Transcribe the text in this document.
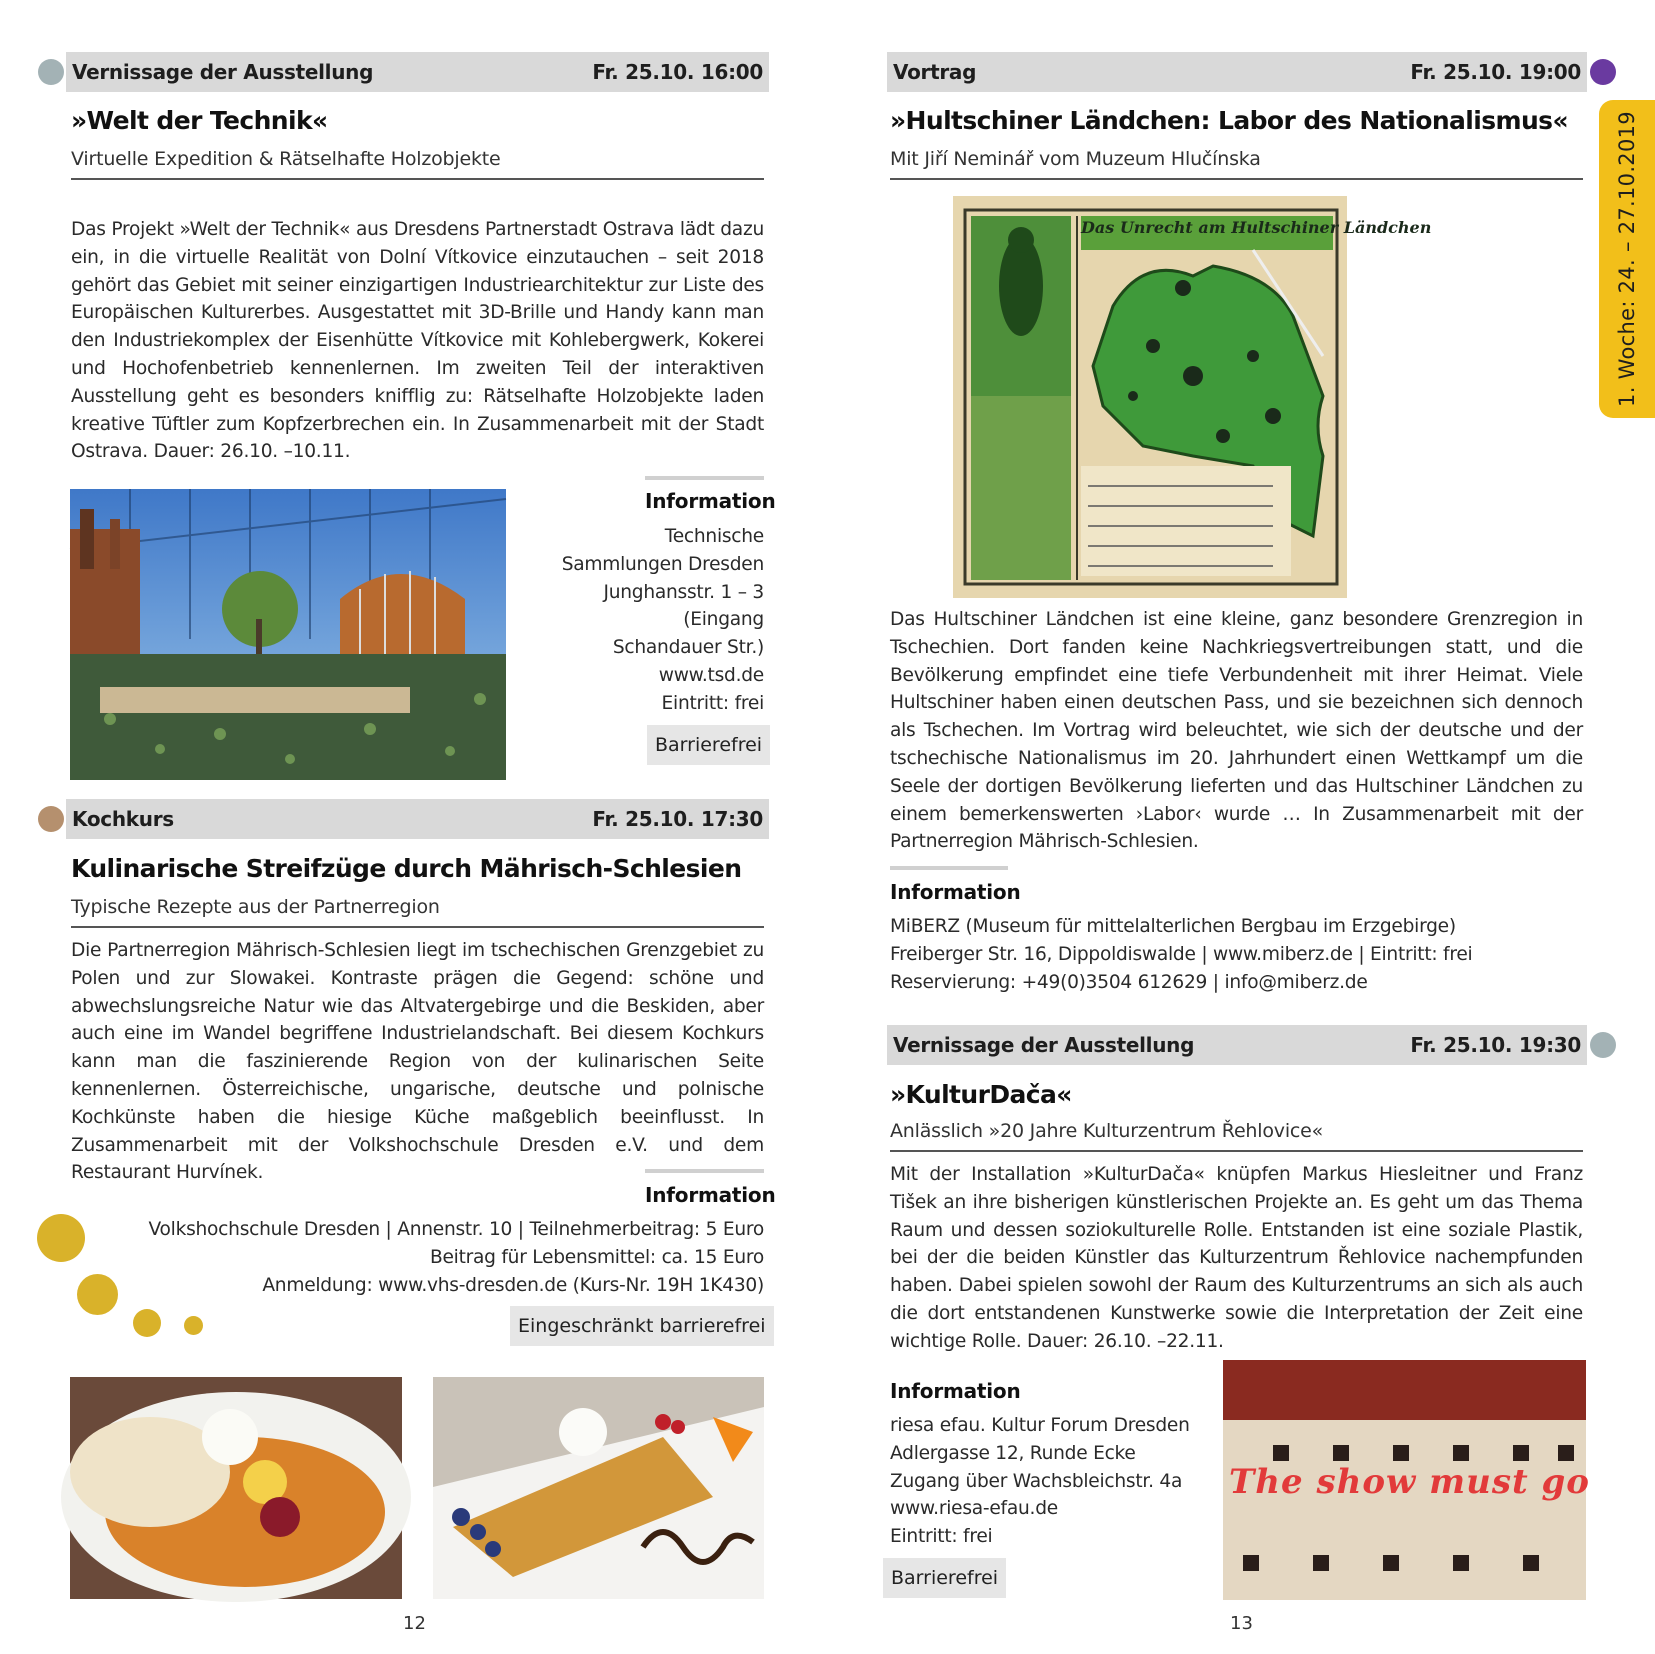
Vernissage der Ausstellung	Fr. 25.10. 16:00
»Welt der Technik«
Virtuelle Expedition & Rätselhafte Holzobjekte
Das Projekt »Welt der Technik« aus Dresdens Partnerstadt Ostrava lädt dazu ein, in die virtuelle Realität von Dolní Vítkovice einzutauchen – seit 2018 gehört das Gebiet mit seiner einzigartigen Industriearchitektur zur Liste des Europäischen Kulturerbes. Ausgestattet mit 3D-Brille und Handy kann man den Industriekomplex der Eisenhütte Vítkovice mit Kohlebergwerk, Kokerei und Hochofenbetrieb kennenlernen. Im zweiten Teil der interaktiven Ausstellung geht es besonders knifflig zu: Rätselhafte Holzobjekte laden kreative Tüftler zum Kopfzerbrechen ein. In Zusammenarbeit mit der Stadt Ostrava. Dauer: 26.10. –10.11.
Information
Technische
Sammlungen Dresden
Junghansstr. 1 – 3
(Eingang
Schandauer Str.)
www.tsd.de
Eintritt: frei
Barrierefrei
Kochkurs	Fr. 25.10. 17:30
Kulinarische Streifzüge durch Mährisch-Schlesien
Typische Rezepte aus der Partnerregion
Die Partnerregion Mährisch-Schlesien liegt im tschechischen Grenzgebiet zu Polen und zur Slowakei. Kontraste prägen die Gegend: schöne und abwechslungsreiche Natur wie das Altvatergebirge und die Beskiden, aber auch eine im Wandel begriffene Industrielandschaft. Bei diesem Kochkurs kann man die faszinierende Region von der kulinarischen Seite kennenlernen. Österreichische, ungarische, deutsche und polnische Kochkünste haben die hiesige Küche maßgeblich beeinflusst. In Zusammenarbeit mit der Volkshochschule Dresden e.V. und dem Restaurant Hurvínek.
Information
Volkshochschule Dresden | Annenstr. 10 | Teilnehmerbeitrag: 5 Euro
Beitrag für Lebensmittel: ca. 15 Euro
Anmeldung: www.vhs-dresden.de (Kurs-Nr. 19H 1K430)
Eingeschränkt barrierefrei
12
Vortrag	Fr. 25.10. 19:00
»Hultschiner Ländchen: Labor des Nationalismus«
Mit Jiří Neminář vom Muzeum Hlučínska
Das Unrecht am Hultschiner Ländchen
Das Hultschiner Ländchen ist eine kleine, ganz besondere Grenzregion in Tschechien. Dort fanden keine Nachkriegsvertreibungen statt, und die Bevölkerung empfindet eine tiefe Verbundenheit mit ihrer Heimat. Viele Hultschiner haben einen deutschen Pass, und sie bezeichnen sich dennoch als Tschechen. Im Vortrag wird beleuchtet, wie sich der deutsche und der tschechische Nationalismus im 20. Jahrhundert einen Wettkampf um die Seele der dortigen Bevölkerung lieferten und das Hultschiner Ländchen zu einem bemerkenswerten ›Labor‹ wurde … In Zusammenarbeit mit der Partnerregion Mährisch-Schlesien.
Information
MiBERZ (Museum für mittelalterlichen Bergbau im Erzgebirge)
Freiberger Str. 16, Dippoldiswalde | www.miberz.de | Eintritt: frei
Reservierung: +49(0)3504 612629 | info@miberz.de
Vernissage der Ausstellung	Fr. 25.10. 19:30
»KulturDača«
Anlässlich »20 Jahre Kulturzentrum Řehlovice«
Mit der Installation »KulturDača« knüpfen Markus Hiesleitner und Franz Tišek an ihre bisherigen künstlerischen Projekte an. Es geht um das Thema Raum und dessen soziokulturelle Rolle. Entstanden ist eine soziale Plastik, bei der die beiden Künstler das Kulturzentrum Řehlovice nachempfunden haben. Dabei spielen sowohl der Raum des Kulturzentrums an sich als auch die dort entstandenen Kunstwerke sowie die Interpretation der Zeit eine wichtige Rolle. Dauer: 26.10. –22.11.
Information
riesa efau. Kultur Forum Dresden
Adlergasse 12, Runde Ecke
Zugang über Wachsbleichstr. 4a
www.riesa-efau.de
Eintritt: frei
Barrierefrei
The show must go
13
1. Woche: 24. – 27.10.2019
